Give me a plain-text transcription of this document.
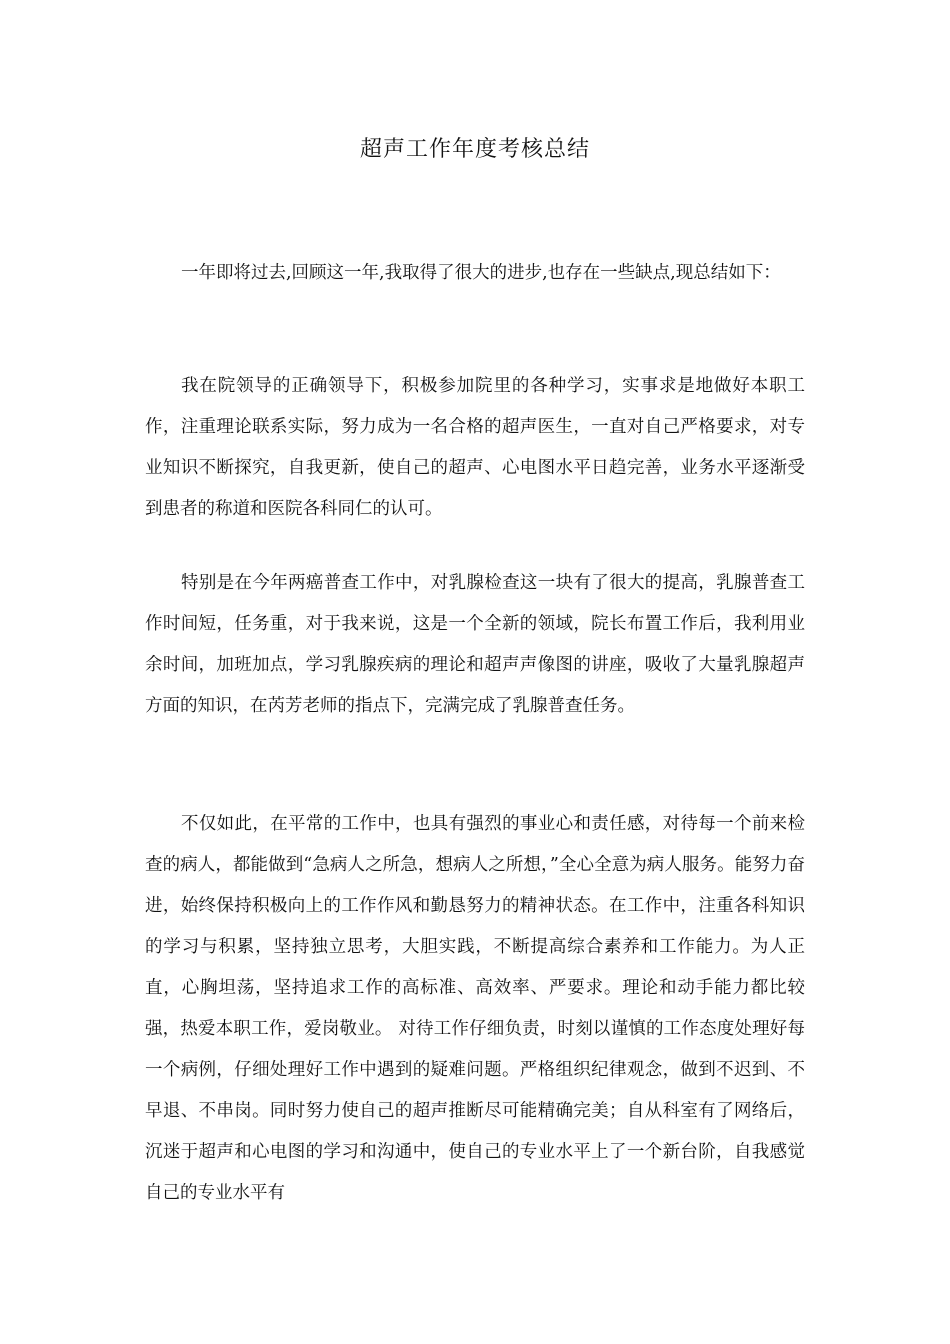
超声工作年度考核总结

一年即将过去,回顾这一年,我取得了很大的进步,也存在一些缺点,现总结如下：

我在院领导的正确领导下，积极参加院里的各种学习，实事求是地做好本职工作，注重理论联系实际，努力成为一名合格的超声医生，一直对自己严格要求，对专业知识不断探究，自我更新，使自己的超声、心电图水平日趋完善，业务水平逐渐受到患者的称道和医院各科同仁的认可。

特别是在今年两癌普查工作中，对乳腺检查这一块有了很大的提高，乳腺普查工作时间短，任务重，对于我来说，这是一个全新的领域，院长布置工作后，我利用业余时间，加班加点，学习乳腺疾病的理论和超声声像图的讲座，吸收了大量乳腺超声方面的知识，在芮芳老师的指点下，完满完成了乳腺普查任务。

不仅如此，在平常的工作中，也具有强烈的事业心和责任感，对待每一个前来检查的病人，都能做到“急病人之所急，想病人之所想，”全心全意为病人服务。能努力奋进，始终保持积极向上的工作作风和勤恳努力的精神状态。在工作中，注重各科知识的学习与积累，坚持独立思考，大胆实践，不断提高综合素养和工作能力。为人正直，心胸坦荡，坚持追求工作的高标准、高效率、严要求。理论和动手能力都比较强，热爱本职工作，爱岗敬业。 对待工作仔细负责，时刻以谨慎的工作态度处理好每一个病例，仔细处理好工作中遇到的疑难问题。严格组织纪律观念，做到不迟到、不早退、不串岗。同时努力使自己的超声推断尽可能精确完美；自从科室有了网络后，沉迷于超声和心电图的学习和沟通中，使自己的专业水平上了一个新台阶，自我感觉自己的专业水平有
